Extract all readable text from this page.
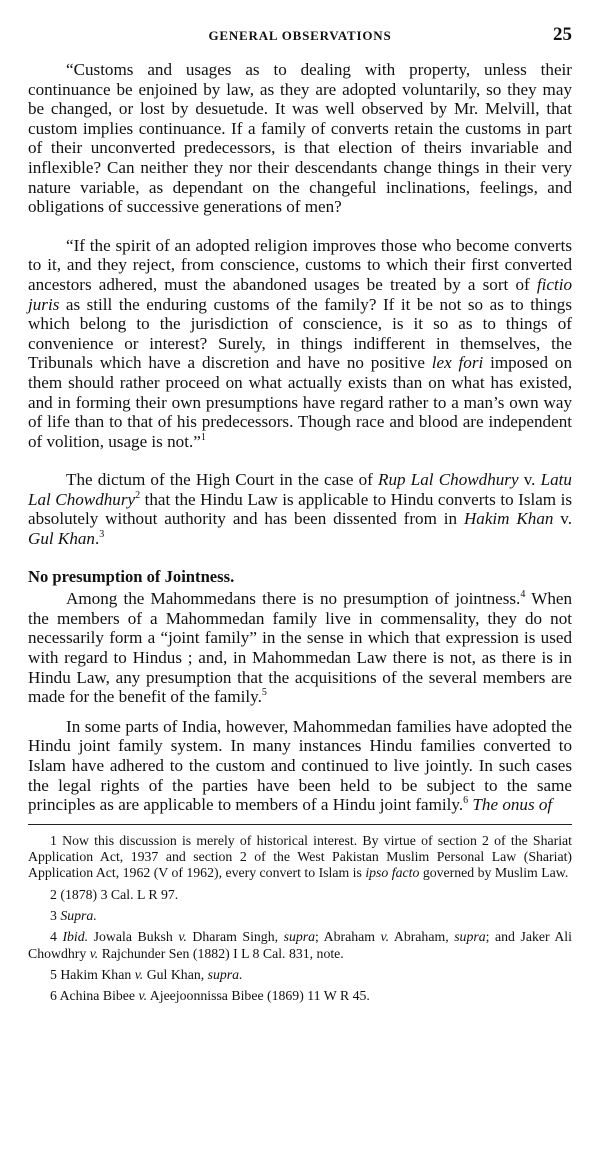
GENERAL OBSERVATIONS	25

“Customs and usages as to dealing with property, unless their continuance be enjoined by law, as they are adopted voluntarily, so they may be changed, or lost by desuetude. It was well observed by Mr. Melvill, that custom implies continuance. If a family of converts retain the customs in part of their unconverted predecessors, is that election of theirs invariable and inflexible? Can neither they nor their descendants change things in their very nature variable, as dependant on the changeful inclinations, feelings, and obligations of successive generations of men?

“If the spirit of an adopted religion improves those who become converts to it, and they reject, from conscience, customs to which their first converted ancestors adhered, must the abandoned usages be treated by a sort of fictio juris as still the enduring customs of the family? If it be not so as to things which belong to the jurisdiction of conscience, is it so as to things of convenience or interest? Surely, in things indifferent in themselves, the Tribunals which have a discretion and have no positive lex fori imposed on them should rather proceed on what actually exists than on what has existed, and in forming their own presumptions have regard rather to a man’s own way of life than to that of his predecessors. Though race and blood are independent of volition, usage is not.”$^1$

The dictum of the High Court in the case of Rup Lal Chowdhury v. Latu Lal Chowdhury$^2$ that the Hindu Law is applicable to Hindu converts to Islam is absolutely without authority and has been dissented from in Hakim Khan v. Gul Khan.$^3$

No presumption of Jointness.

Among the Mahommedans there is no presumption of jointness.$^4$ When the members of a Mahommedan family live in commensality, they do not necessarily form a “joint family” in the sense in which that expression is used with regard to Hindus ; and, in Mahommedan Law there is not, as there is in Hindu Law, any presumption that the acquisitions of the several members are made for the benefit of the family.$^5$

In some parts of India, however, Mahommedan families have adopted the Hindu joint family system. In many instances Hindu families converted to Islam have adhered to the custom and continued to live jointly. In such cases the legal rights of the parties have been held to be subject to the same principles as are applicable to members of a Hindu joint family.$^6$ The onus of

1 Now this discussion is merely of historical interest. By virtue of section 2 of the Shariat Application Act, 1937 and section 2 of the West Pakistan Muslim Personal Law (Shariat) Application Act, 1962 (V of 1962), every convert to Islam is ipso facto governed by Muslim Law.

2 (1878) 3 Cal. L R 97.

3 Supra.

4 Ibid. Jowala Buksh v. Dharam Singh, supra; Abraham v. Abraham, supra; and Jaker Ali Chowdhry v. Rajchunder Sen (1882) I L 8 Cal. 831, note.

5 Hakim Khan v. Gul Khan, supra.

6 Achina Bibee v. Ajeejoonnissa Bibee (1869) 11 W R 45.
